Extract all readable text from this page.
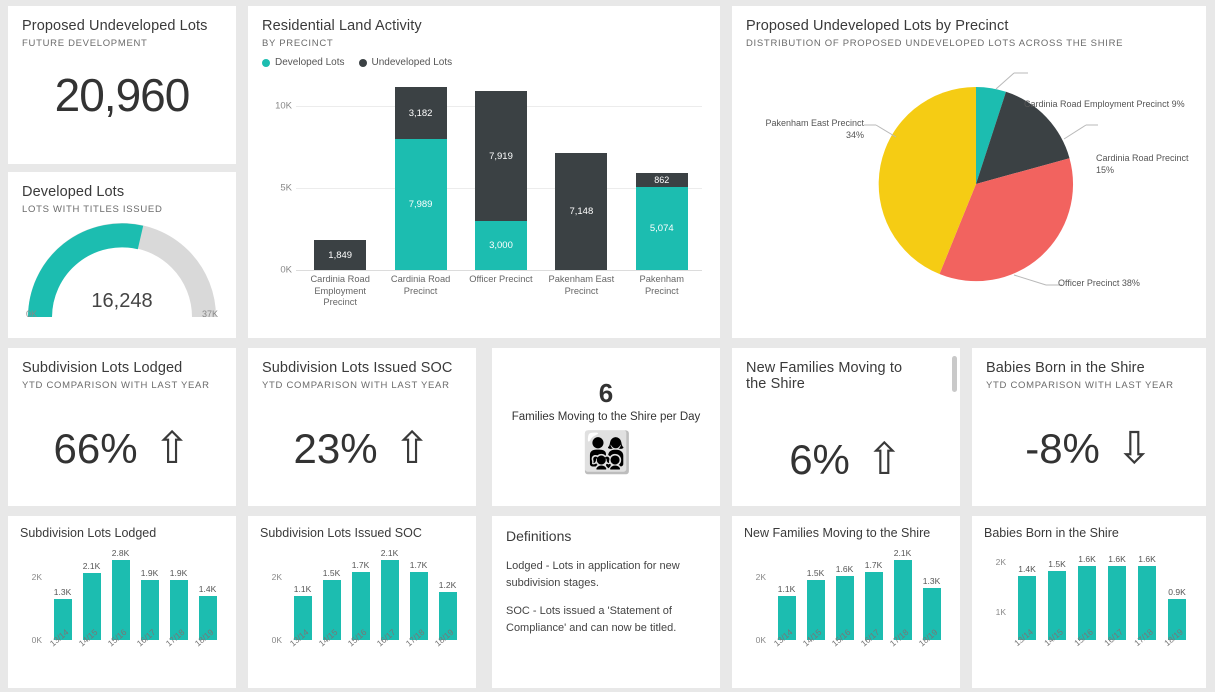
Proposed Undeveloped Lots
FUTURE DEVELOPMENT
20,960
Developed Lots
LOTS WITH TITLES ISSUED
0K	37K
16,248
Residential Land Activity
BY PRECINCT
Developed Lots	Undeveloped Lots
0K
5K
10K
1,849
3,182
7,989
7,919
3,000
7,148
862
5,074
Cardinia Road Employment Precinct
Cardinia Road Precinct
Officer Precinct Pakenham East Precinct
Pakenham Precinct
Proposed Undeveloped Lots by Precinct
DISTRIBUTION OF PROPOSED UNDEVELOPED LOTS ACROSS THE SHIRE
Cardinia Road Employment Precinct 9%
Cardinia Road Precinct 15%
Pakenham East Precinct 34%
Officer Precinct 38%
Subdivision Lots Lodged
YTD COMPARISON WITH LAST YEAR
66% ⇧
Subdivision Lots Issued SOC
YTD COMPARISON WITH LAST YEAR
23% ⇧
6
Families Moving to the Shire per Day
👨‍👩‍👧‍👦
New Families Moving to the Shire
6% ⇧
Babies Born in the Shire
YTD COMPARISON WITH LAST YEAR
-8% ⇩
Subdivision Lots Lodged
0K
2K
1.3K
2.1K
2.8K
1.9K 1.9K
1.4K
13/14 14/15 15/16 16/17 17/18 18/19
Subdivision Lots Issued SOC
0K
2K
1.1K
1.5K
1.7K
2.1K
1.7K
1.2K
13/14 14/15 15/16 16/17 17/18 18/19
Definitions
Lodged - Lots in application for new subdivision stages.
SOC - Lots issued a 'Statement of Compliance' and can now be titled.
New Families Moving to the Shire
0K
2K
1.1K
1.5K 1.6K 1.7K
2.1K
1.3K
13/14 14/15 15/16 16/17 17/18 18/19
Babies Born in the Shire
1K
2K
1.4K 1.5K 1.6K 1.6K 1.6K
0.9K
13/14 14/15 15/16 16/17 17/18 18/19
